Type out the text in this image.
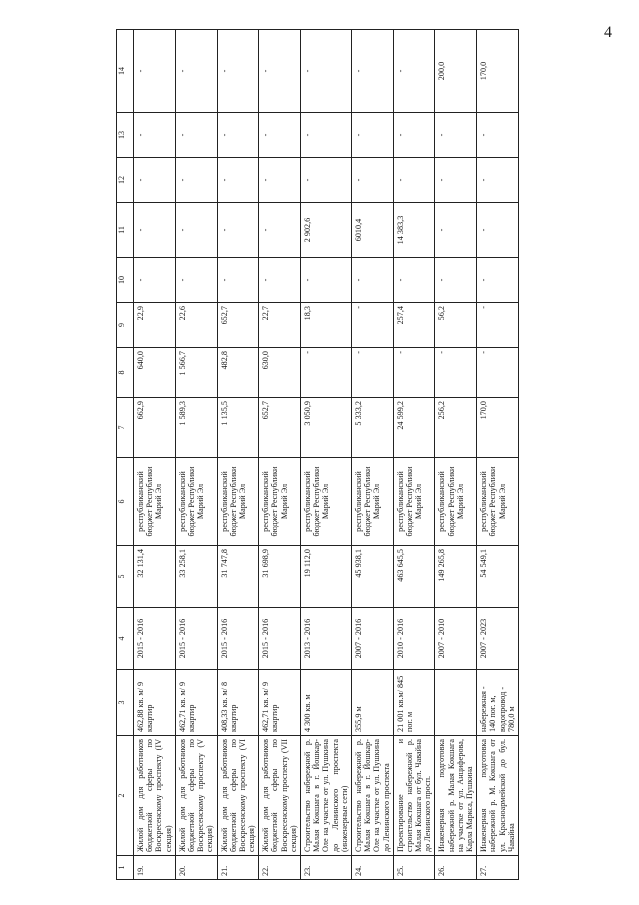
4
1	2	3	4	5	6	7	8	9	10	11	12	13	14
19.	Жилой дом для работников бюджетной сферы по Воскресенскому проспекту (IV секция)	462,88 кв. м/ 9 квартир	2015 - 2016	32 131,4	республиканский бюджет Республики Марий Эл	662,9	640,0	22,9	-	-	-	-	-
20.	Жилой дом для работников бюджетной сферы по Воскресенскому проспекту (V секция)	462,71 кв. м/ 9 квартир	2015 - 2016	33 258,1	республиканский бюджет Республики Марий Эл	1 589,3	1 566,7	22,6	-	-	-	-	-
21.	Жилой дом для работников бюджетной сферы по Воскресенскому проспекту (VI секция)	408,33 кв. м/ 8 квартир	2015 - 2016	31 747,8	республиканский бюджет Республики Марий Эл	1 135,5	482,8	652,7	-	-	-	-	-
22.	Жилой дом для работников бюджетной сферы по Воскресенскому проспекту (VII секция)	462,71 кв. м/ 9 квартир	2015 - 2016	31 698,9	республиканский бюджет Республики Марий Эл	652,7	630,0	22,7	-	-	-	-	-
23.	Строительство набережной р. Малая Кокшага в г. Йошкар-Оле на участке от ул. Пушкина до Ленинского проспекта (инженерные сети)	4 300 кв. м	2013 - 2016	19 112,0	республиканский бюджет Республики Марий Эл	3 050,9	-	18,3	-	2 902,6	-	-	-
24.	Строительство набережной р. Малая Кокшага в г. Йошкар-Оле на участке от ул. Пушкина до Ленинского проспекта	355,9 м	2007 - 2016	45 938,1	республиканский бюджет Республики Марий Эл	5 333,2	-	-	-	6010,4	-	-	-
25.	Проектирование и строительство набережной р. Малая Кокшага от бул. Чавайна до Ленинского просп.	21 001 кв.м/ 845 пог. м	2010 - 2016	463 645,5	республиканский бюджет Республики Марий Эл	24 599,2	-	257,4	-	14 383,3	-	-	-
26.	Инженерная подготовка набережной р. Малая Кокшага на участке от ул. Анциферова, Карла Маркса, Пушкина		2007 - 2010	149 265,8	республиканский бюджет Республики Марий Эл	256,2	-	56,2	-	-	-	-	200,0
27.	Инженерная подготовка набережной р. М. Кокшага от ул. Красноармейской до бул. Чавайна	набережная - 140 пог. м, водопровод - 780,0 м	2007 - 2023	54 549,1	республиканский бюджет Республики Марий Эл	170,0	-	-	-	-	-	-	170,0
